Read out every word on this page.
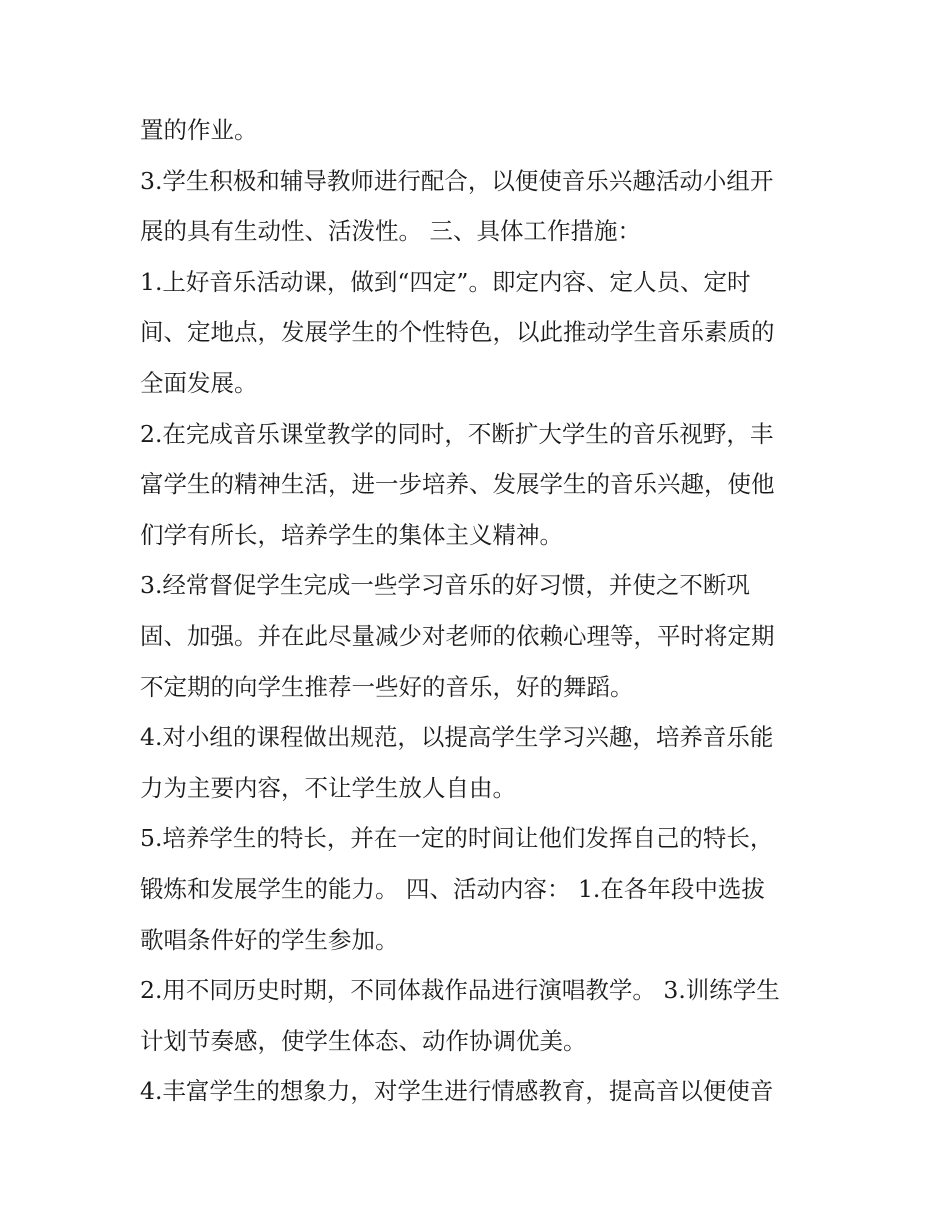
置的作业。
3.学生积极和辅导教师进行配合，以便使音乐兴趣活动小组开
展的具有生动性、活泼性。 三、具体工作措施：
1.上好音乐活动课，做到“四定”。即定内容、定人员、定时
间、定地点，发展学生的个性特色，以此推动学生音乐素质的
全面发展。
2.在完成音乐课堂教学的同时，不断扩大学生的音乐视野，丰
富学生的精神生活，进一步培养、发展学生的音乐兴趣，使他
们学有所长，培养学生的集体主义精神。
3.经常督促学生完成一些学习音乐的好习惯，并使之不断巩
固、加强。并在此尽量减少对老师的依赖心理等，平时将定期
不定期的向学生推荐一些好的音乐，好的舞蹈。
4.对小组的课程做出规范，以提高学生学习兴趣，培养音乐能
力为主要内容，不让学生放人自由。
5.培养学生的特长，并在一定的时间让他们发挥自己的特长，
锻炼和发展学生的能力。 四、活动内容： 1.在各年段中选拔
歌唱条件好的学生参加。
2.用不同历史时期，不同体裁作品进行演唱教学。 3.训练学生
计划节奏感，使学生体态、动作协调优美。
4.丰富学生的想象力，对学生进行情感教育，提高音以便使音
